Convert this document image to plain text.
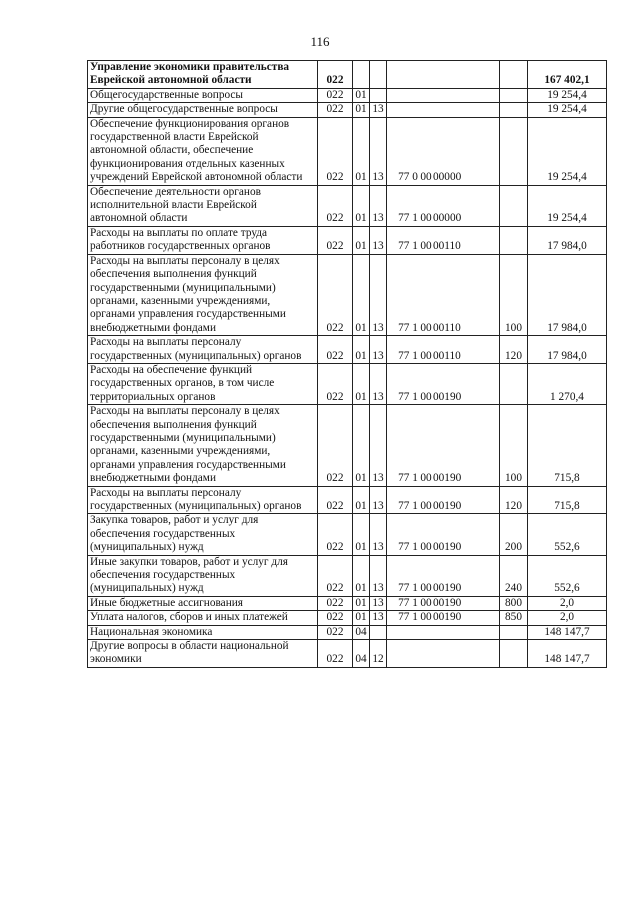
116
Управление экономики правительства Еврейской автономной области	022					167 402,1
Общегосударственные вопросы	022	01				19 254,4
Другие общегосударственные вопросы	022	01	13			19 254,4
Обеспечение функционирования органов государственной власти Еврейской автономной области, обеспечение функционирования отдельных казенных учреждений Еврейской автономной области	022	01	13	77 0 0000000		19 254,4
Обеспечение деятельности органов исполнительной власти Еврейской автономной области	022	01	13	77 1 0000000		19 254,4
Расходы на выплаты по оплате труда работников государственных органов	022	01	13	77 1 0000110		17 984,0
Расходы на выплаты персоналу в целях обеспечения выполнения функций государственными (муниципальными) органами, казенными учреждениями, органами управления государственными внебюджетными фондами	022	01	13	77 1 0000110	100	17 984,0
Расходы на выплаты персоналу государственных (муниципальных) органов	022	01	13	77 1 0000110	120	17 984,0
Расходы на обеспечение функций государственных органов, в том числе территориальных органов	022	01	13	77 1 0000190		1 270,4
Расходы на выплаты персоналу в целях обеспечения выполнения функций государственными (муниципальными) органами, казенными учреждениями, органами управления государственными внебюджетными фондами	022	01	13	77 1 0000190	100	715,8
Расходы на выплаты персоналу государственных (муниципальных) органов	022	01	13	77 1 0000190	120	715,8
Закупка товаров, работ и услуг для обеспечения государственных (муниципальных) нужд	022	01	13	77 1 0000190	200	552,6
Иные закупки товаров, работ и услуг для обеспечения государственных (муниципальных) нужд	022	01	13	77 1 0000190	240	552,6
Иные бюджетные ассигнования	022	01	13	77 1 0000190	800	2,0
Уплата налогов, сборов и иных платежей	022	01	13	77 1 0000190	850	2,0
Национальная экономика	022	04				148 147,7
Другие вопросы в области национальной экономики	022	04	12			148 147,7
